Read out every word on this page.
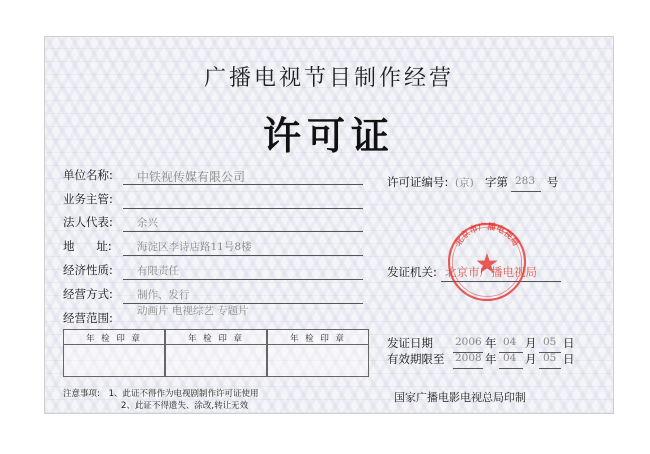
广播电视节目制作经营
许可证
单位名称: 中铁视传媒有限公司
业务主管:
法人代表: 余兴
地      址: 海淀区李诗店路11号8楼
经济性质: 有限责任
经营方式: 制作、发行
经营范围: 动画片 电视综艺 专题片
年 检 印 章	年 检 印 章	年 检 印 章
许可证编号: (京) 字第 283 号
发证机关: 北京市广播电视局
北京市广播电视局
发证日期 2006 年 04 月 05 日
有效期限至 2008 年 04 月 05 日
注意事项: 1、此证不得作为电视剧制作许可证使用
2、此证不得遗失、涂改,转让无效
国家广播电影电视总局印制
